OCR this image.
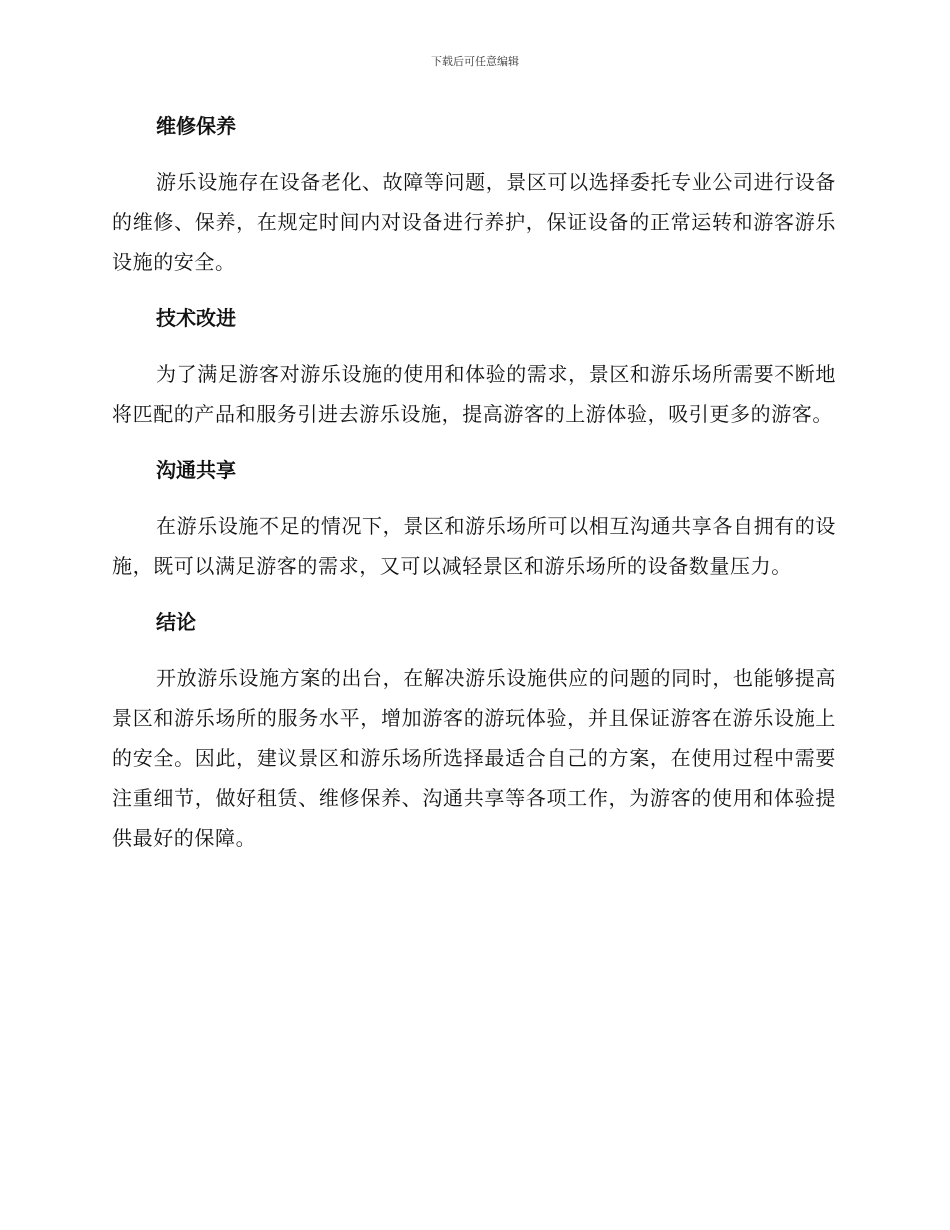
下载后可任意编辑
维修保养

游乐设施存在设备老化、故障等问题，景区可以选择委托专业公司进行设备的维修、保养，在规定时间内对设备进行养护，保证设备的正常运转和游客游乐设施的安全。

技术改进

为了满足游客对游乐设施的使用和体验的需求，景区和游乐场所需要不断地将匹配的产品和服务引进去游乐设施，提高游客的上游体验，吸引更多的游客。

沟通共享

在游乐设施不足的情况下，景区和游乐场所可以相互沟通共享各自拥有的设施，既可以满足游客的需求，又可以减轻景区和游乐场所的设备数量压力。

结论

开放游乐设施方案的出台，在解决游乐设施供应的问题的同时，也能够提高景区和游乐场所的服务水平，增加游客的游玩体验，并且保证游客在游乐设施上的安全。因此，建议景区和游乐场所选择最适合自己的方案，在使用过程中需要注重细节，做好租赁、维修保养、沟通共享等各项工作，为游客的使用和体验提供最好的保障。
